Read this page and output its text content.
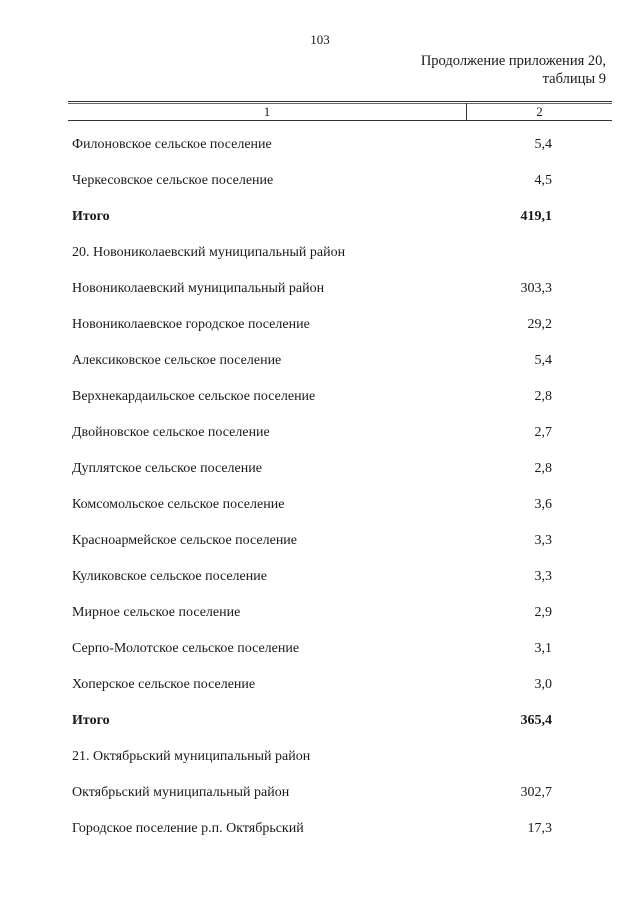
103
Продолжение приложения 20,
таблицы 9
1	2
Филоновское сельское поселение	5,4
Черкесовское сельское поселение	4,5
Итого	419,1
20. Новониколаевский муниципальный район
Новониколаевский муниципальный район	303,3
Новониколаевское городское поселение	29,2
Алексиковское сельское поселение	5,4
Верхнекардаильское сельское поселение	2,8
Двойновское сельское поселение	2,7
Дуплятское сельское поселение	2,8
Комсомольское сельское поселение	3,6
Красноармейское сельское поселение	3,3
Куликовское сельское поселение	3,3
Мирное сельское поселение	2,9
Серпо-Молотское сельское поселение	3,1
Хоперское сельское поселение	3,0
Итого	365,4
21. Октябрьский муниципальный район
Октябрьский муниципальный район	302,7
Городское поселение р.п. Октябрьский	17,3
